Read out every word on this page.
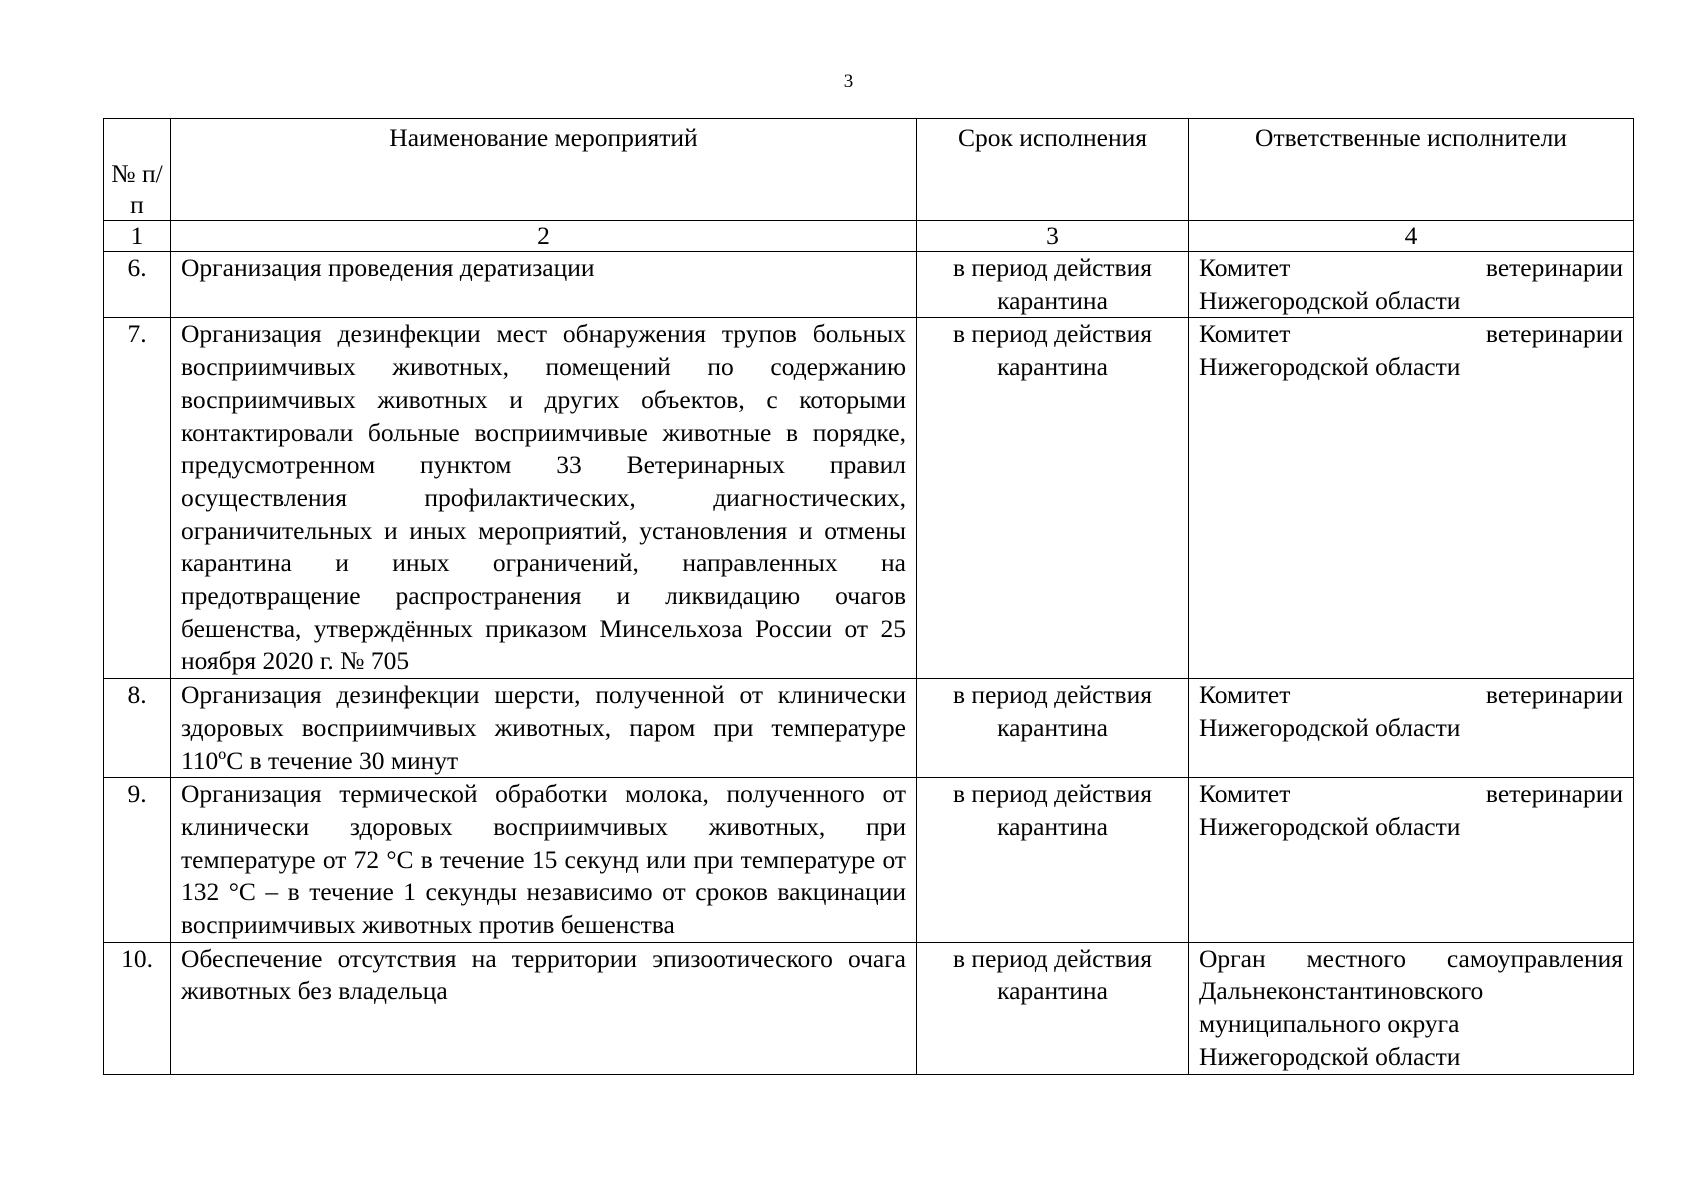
3
№ п/п	Наименование мероприятий	Срок исполнения	Ответственные исполнители
1	2	3	4
6.	Организация проведения дератизации	в период действия карантина	Комитет ветеринарии
Нижегородской области

7.	Организация дезинфекции мест обнаружения трупов больных восприимчивых животных, помещений по содержанию восприимчивых животных и других объектов, с которыми контактировали больные восприимчивые животные в порядке, предусмотренном пунктом 33 Ветеринарных правил осуществления профилактических, диагностических, ограничительных и иных мероприятий, установления и отмены карантина и иных ограничений, направленных на предотвращение распространения и ликвидацию очагов бешенства, утверждённых приказом Минсельхоза России от 25 ноября 2020 г. № 705	в период действия карантина	Комитет ветеринарии
Нижегородской области

8.	Организация дезинфекции шерсти, полученной от клинически здоровых восприимчивых животных, паром при температуре 110ºС в течение 30 минут	в период действия карантина	Комитет ветеринарии
Нижегородской области

9.	Организация термической обработки молока, полученного от клинически здоровых восприимчивых животных, при температуре от 72 °С в течение 15 секунд или при температуре от 132 °С – в течение 1 секунды независимо от сроков вакцинации восприимчивых животных против бешенства	в период действия карантина	Комитет ветеринарии
Нижегородской области

10.	Обеспечение отсутствия на территории эпизоотического очага животных без владельца	в период действия карантина	Орган местного самоуправления Дальнеконстантиновского муниципального округа
Нижегородской области
